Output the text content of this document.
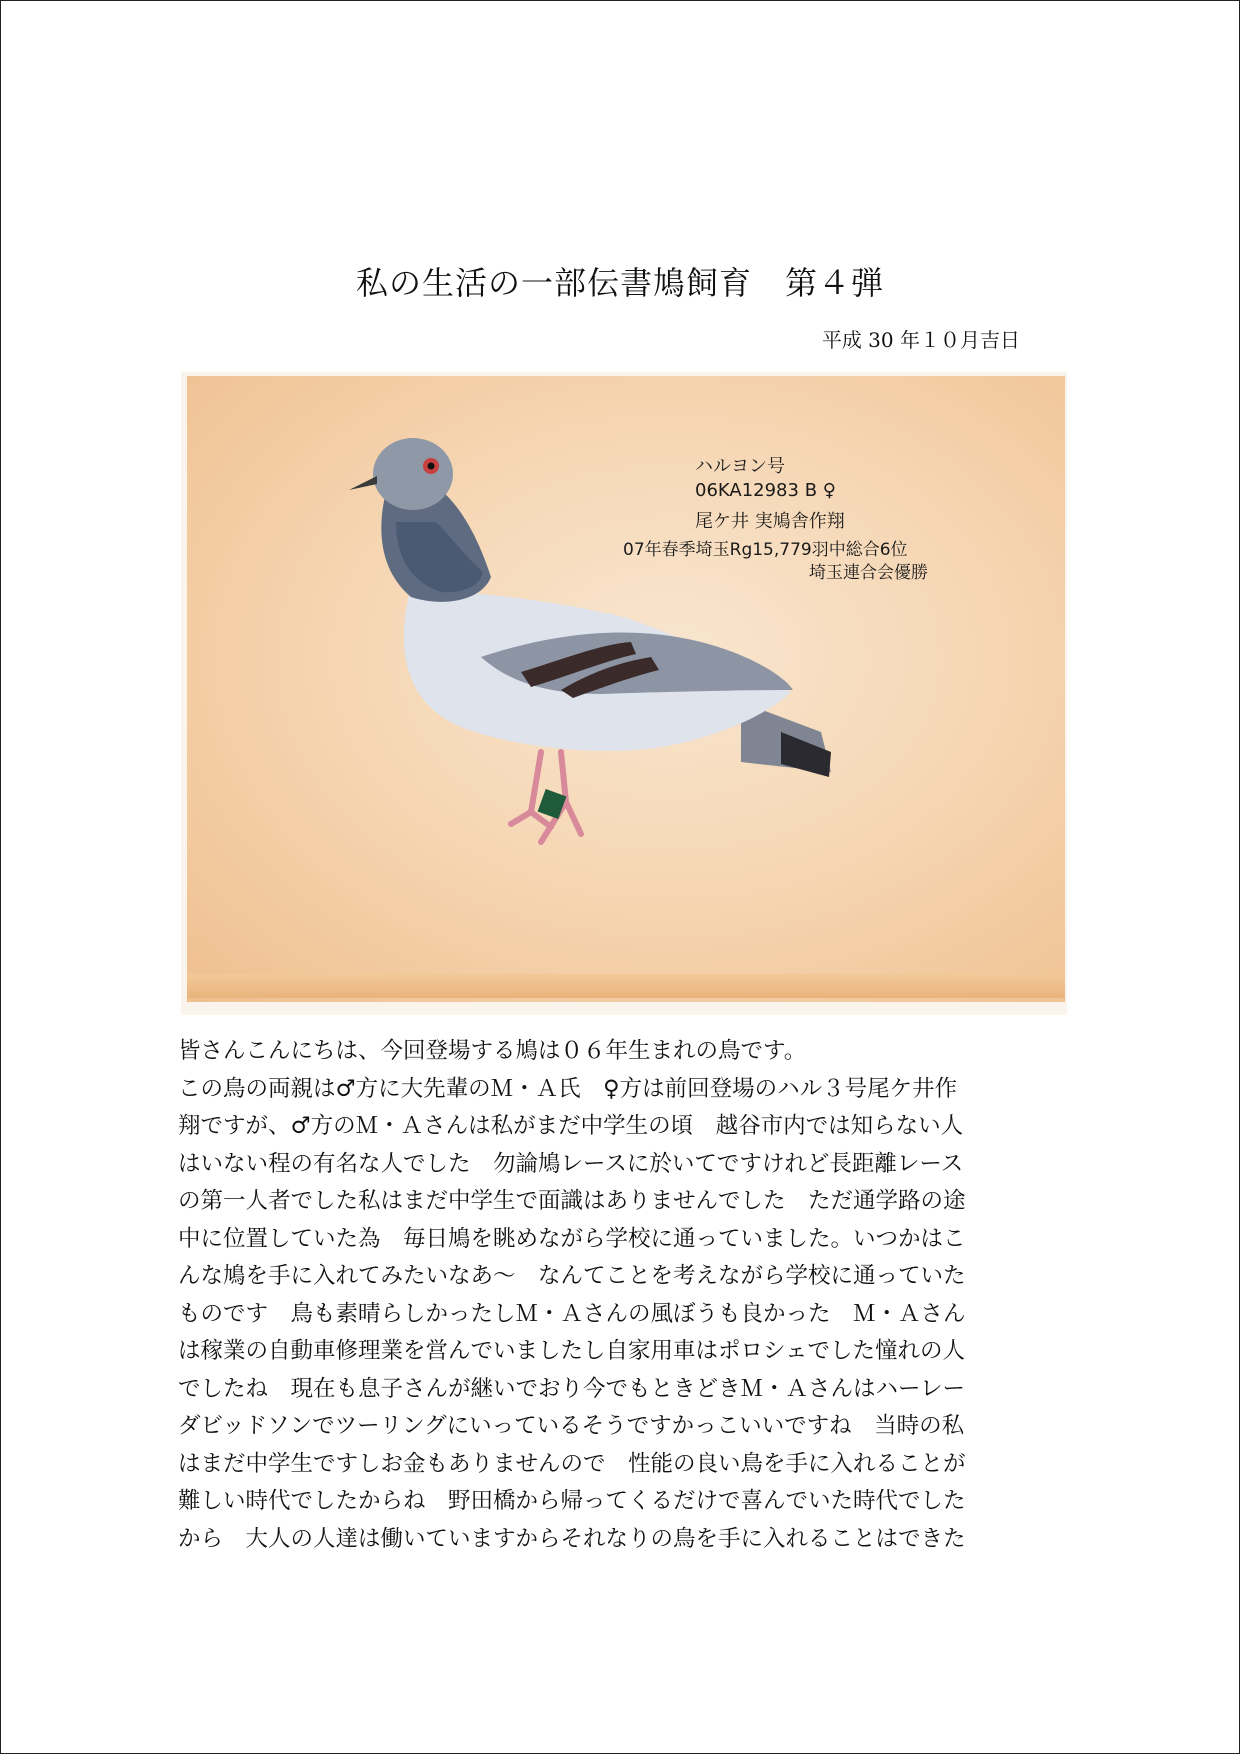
私の生活の一部伝書鳩飼育　第４弾
平成 30 年１０月吉日
ハルヨン号
06KA12983 B ♀
尾ケ井 実鳩舎作翔
07年春季埼玉Rg15,779羽中総合6位
埼玉連合会優勝
皆さんこんにちは、今回登場する鳩は０６年生まれの鳥です。
この鳥の両親は♂方に大先輩のＭ・Ａ氏　♀方は前回登場のハル３号尾ケ井作
翔ですが、♂方のＭ・Ａさんは私がまだ中学生の頃　越谷市内では知らない人
はいない程の有名な人でした　勿論鳩レースに於いてですけれど長距離レース
の第一人者でした私はまだ中学生で面識はありませんでした　ただ通学路の途
中に位置していた為　毎日鳩を眺めながら学校に通っていました。いつかはこ
んな鳩を手に入れてみたいなあ〜　なんてことを考えながら学校に通っていた
ものです　鳥も素晴らしかったしＭ・Ａさんの風ぼうも良かった　Ｍ・Ａさん
は稼業の自動車修理業を営んでいましたし自家用車はポロシェでした憧れの人
でしたね　現在も息子さんが継いでおり今でもときどきＭ・Ａさんはハーレー
ダビッドソンでツーリングにいっているそうですかっこいいですね　当時の私
はまだ中学生ですしお金もありませんので　性能の良い鳥を手に入れることが
難しい時代でしたからね　野田橋から帰ってくるだけで喜んでいた時代でした
から　大人の人達は働いていますからそれなりの鳥を手に入れることはできた
